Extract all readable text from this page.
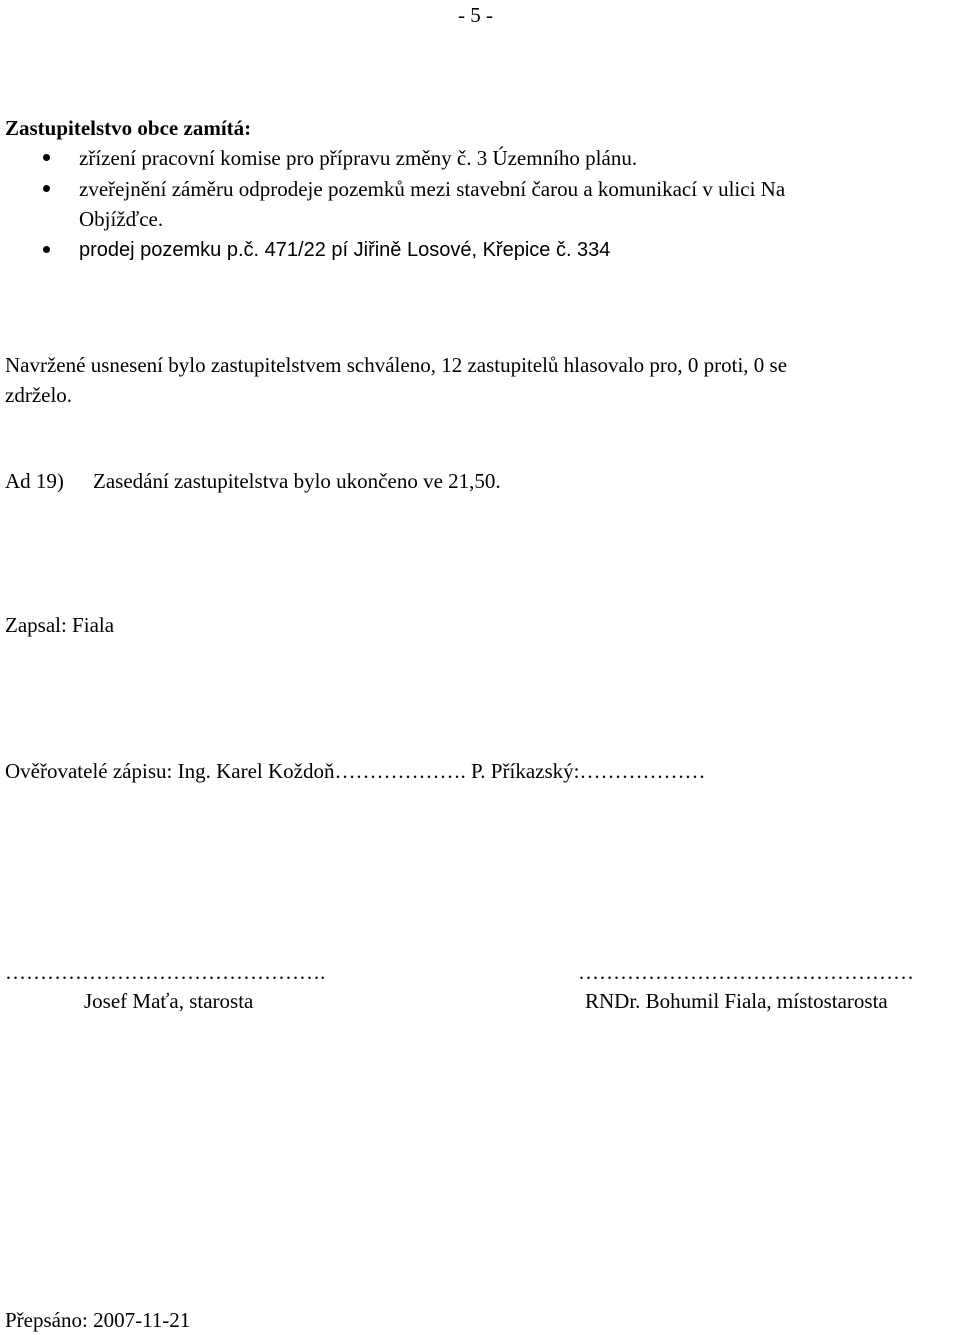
- 5 -
Zastupitelstvo obce zamítá:
zřízení pracovní komise pro přípravu změny č. 3 Územního plánu.
zveřejnění záměru odprodeje pozemků mezi stavební čarou a komunikací v ulici Na
Objížďce.
prodej pozemku p.č. 471/22 pí Jiřině Losové, Křepice č. 334
Navržené usnesení bylo zastupitelstvem schváleno, 12 zastupitelů hlasovalo pro, 0 proti, 0 se
zdrželo.
Ad 19) Zasedání zastupitelstva bylo ukončeno ve 21,50.
Zapsal: Fiala
Ověřovatelé zápisu: Ing. Karel Koždoň………………. P. Příkazský:………………
……………………………………….
Josef Maťa, starosta
…………………………………………
RNDr. Bohumil Fiala, místostarosta
Přepsáno: 2007-11-21
